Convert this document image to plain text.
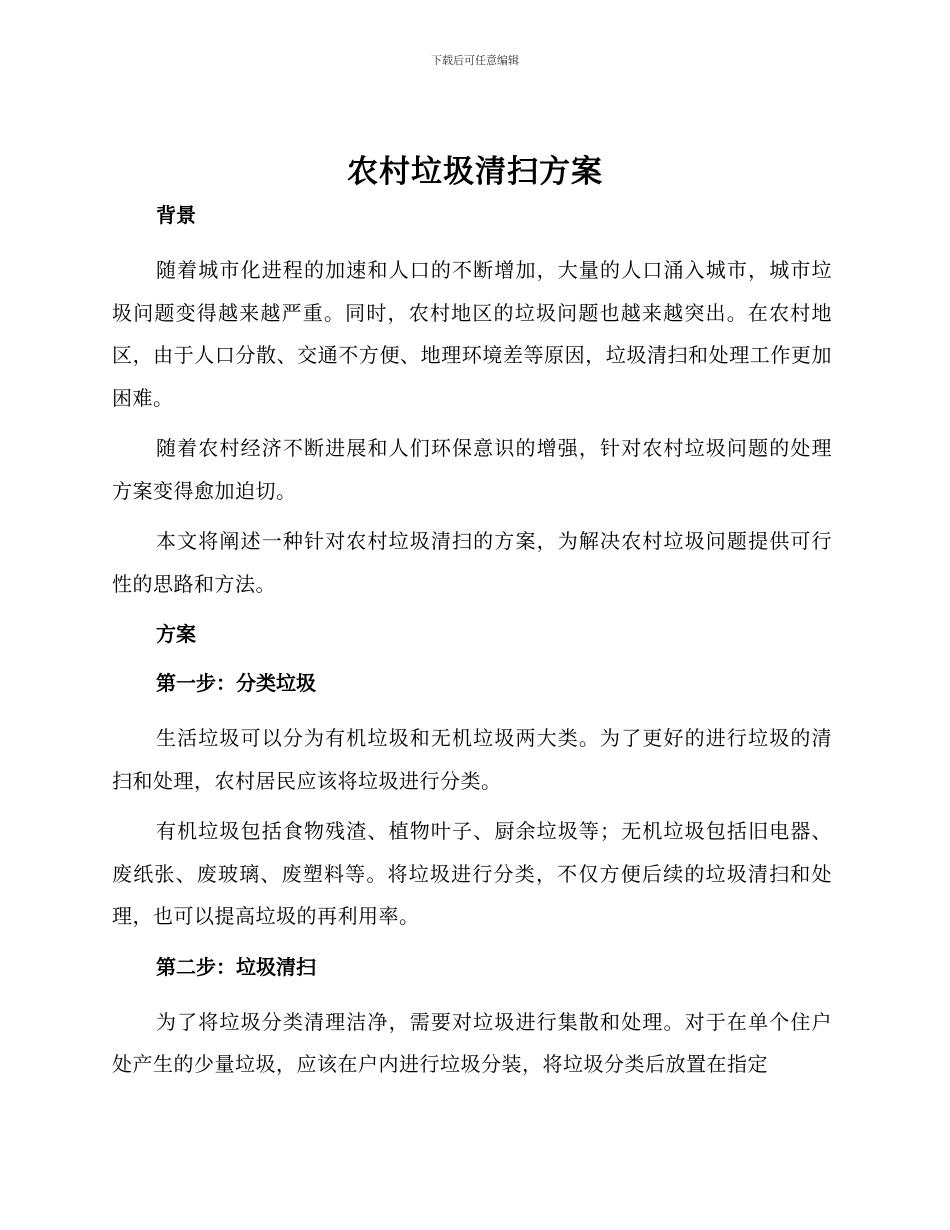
下载后可任意编辑
农村垃圾清扫方案

背景

随着城市化进程的加速和人口的不断增加，大量的人口涌入城市，城市垃圾问题变得越来越严重。同时，农村地区的垃圾问题也越来越突出。在农村地区，由于人口分散、交通不方便、地理环境差等原因，垃圾清扫和处理工作更加困难。

随着农村经济不断进展和人们环保意识的增强，针对农村垃圾问题的处理方案变得愈加迫切。

本文将阐述一种针对农村垃圾清扫的方案，为解决农村垃圾问题提供可行性的思路和方法。

方案

第一步：分类垃圾

生活垃圾可以分为有机垃圾和无机垃圾两大类。为了更好的进行垃圾的清扫和处理，农村居民应该将垃圾进行分类。

有机垃圾包括食物残渣、植物叶子、厨余垃圾等；无机垃圾包括旧电器、废纸张、废玻璃、废塑料等。将垃圾进行分类，不仅方便后续的垃圾清扫和处理，也可以提高垃圾的再利用率。

第二步：垃圾清扫

为了将垃圾分类清理洁净，需要对垃圾进行集散和处理。对于在单个住户处产生的少量垃圾，应该在户内进行垃圾分装，将垃圾分类后放置在指定
